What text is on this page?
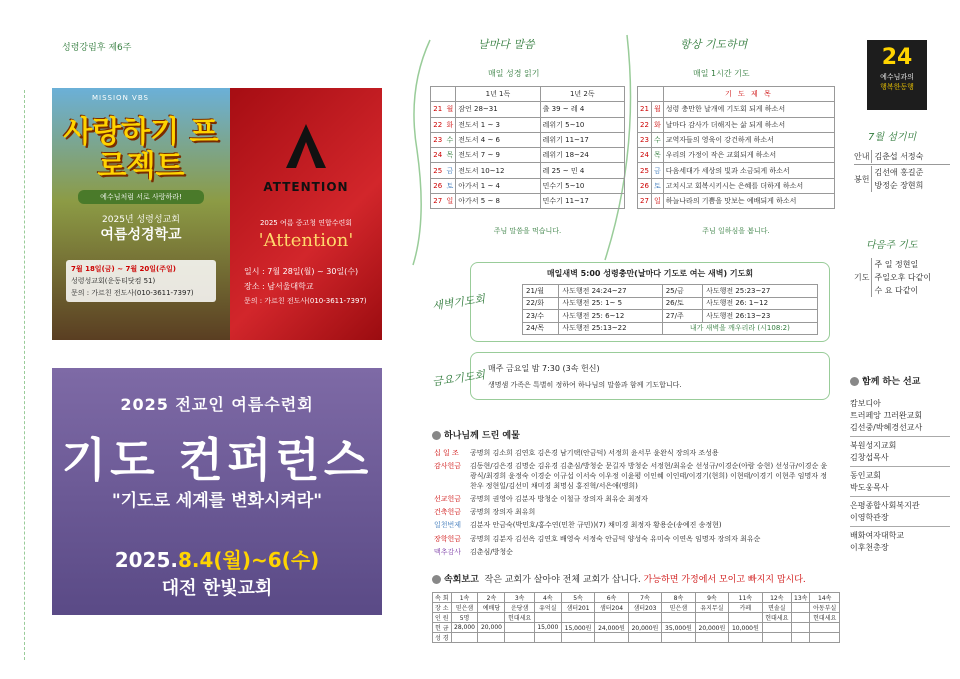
성령강림후 제6주
MISSION VBS
사랑하기 프로젝트
예수님처럼 서로 사랑하라!
2025년 성령성교회
여름성경학교
7월 18일(금) ~ 7월 20일(주일)
성령성교회(운동티닷컴 51)
문의 : 가르친 전도사(010-3611-7397)
ATTENTION
2025 여름 중고청 연합수련회
'Attention'
일시 : 7월 28일(월) ~ 30일(수)
장소 : 남서울대학교
문의 : 가르친 전도사(010-3611-7397)
2025 전교인 여름수련회
기도 컨퍼런스
"기도로 세계를 변화시켜라"
2025.8.4(월)~6(수)
대전 한빛교회
날마다 말씀
매일 성경 읽기
		1년 1독	1년 2독
21	월	잠언 28~31	출 39 ~ 레 4
22	화	전도서 1 ~ 3	레위기 5~10
23	수	전도서 4 ~ 6	레위기 11~17
24	목	전도서 7 ~ 9	레위기 18~24
25	금	전도서 10~12	레 25 ~ 민 4
26	토	아가서 1 ~ 4	민수기 5~10
27	일	아가서 5 ~ 8	민수기 11~17
주님 말씀을 먹습니다.
항상 기도하며
매일 1시간 기도
		기 도 제 목
21	월	성령 충만한 날개에 기도회 되게 하소서
22	화	날마다 감사가 더해지는 삶 되게 하소서
23	수	교역자들의 영육이 강건하게 하소서
24	목	우리의 가정이 작은 교회되게 하소서
25	금	다음세대가 세상의 빛과 소금되게 하소서
26	토	고치시고 회복시키시는 은혜를 더하게 하소서
27	일	하늘나라의 기쁨을 맛보는 예배되게 하소서
주님 일하심을 봅니다.
새벽기도회
매일새벽 5:00 성령충만(날마다 기도로 여는 새벽) 기도회
21/월	사도행전 24:24~27	25/금	사도행전 25:23~27
22/화	사도행전 25: 1~ 5	26/토	사도행전 26: 1~12
23/수	사도행전 25: 6~12	27/주	사도행전 26:13~23
24/목	사도행전 25:13~22	내가 새벽을 깨우리라 (시108:2)	
금요기도회 매주 금요일 밤 7:30 (3속 헌신)
생명샘 가족은 특별히 정하여 하나님의 말씀과 함께 기도합니다.
하나님께 드린 예물
십 일 조	공명희 김소희 김연호 김은경 남기택(안금덕) 서정희 윤서무 윤완식 장의자 조성용
감사헌금	김동현/김은경 김명순 김유경 김춘심/방청순 문길자 방청순 서정현/최유순 선성규/이경순(아람 승현) 선성규/이경순 윤광식/최경희 윤정숙 이경순 이규섭 이서숙 이우정 이윤평 이인혜 이인태/이경기(현희) 이현태/이경기 이현주 임명자 정찬우 정현일/김선미 채미경 최명심 홍진혁/서은애(맹희)
선교헌금	공명희 권영아 김분자 방청순 이철규 장의자 최유순 최정자
건축헌금	공명희 장의자 최유희
일천번제	김분자 안금숙(박민호/홍수연(민찬 규민))(7) 채미경 최정자 황용순(송예진 송정현)
장학헌금	공명희 김분자 김선옥 김연호 배영숙 서정숙 안금덕 양성숙 유미숙 이연옥 임명자 장의자 최유순
맥추감사	김춘심/방청순
속회보고 작은 교회가 살아야 전체 교회가 삽니다. 가능하면 가정에서 모이고 빠지지 맙시다.
속 회	1속	2속	3속	4속	5속	6속	7속	8속	9속	11속	12속	13속	14속
장 소	믿은샘	예배당	운당샘	유억실	샘터201	샘터204	샘터203	믿은샘	유지무실	카페	면솔실		아동부실
인 원	5명		헌대세요								헌대세요		헌대세요
헌 금	28,000	20,000		15,000	15,000원	24,000원	20,000원	35,000원	20,000원	10,000원			
성 경													
24
예수님과의
행복한동행
7월 섬기미
안내	김춘섭 서정숙

봉헌	김선애 홍길준
	방정순 장현희
다음주 기도
기도	주 일 정현일
주일오후 다같이
수 요 다같이
함께 하는 선교
캄보디아
트러페앙 끄러완교회
김선중/박혜경선교사
북원성지교회
김창섭목사
동인교회
박도웅목사
은평종합사회복지관
이영학관장
배화여자대학교
이후천총장
